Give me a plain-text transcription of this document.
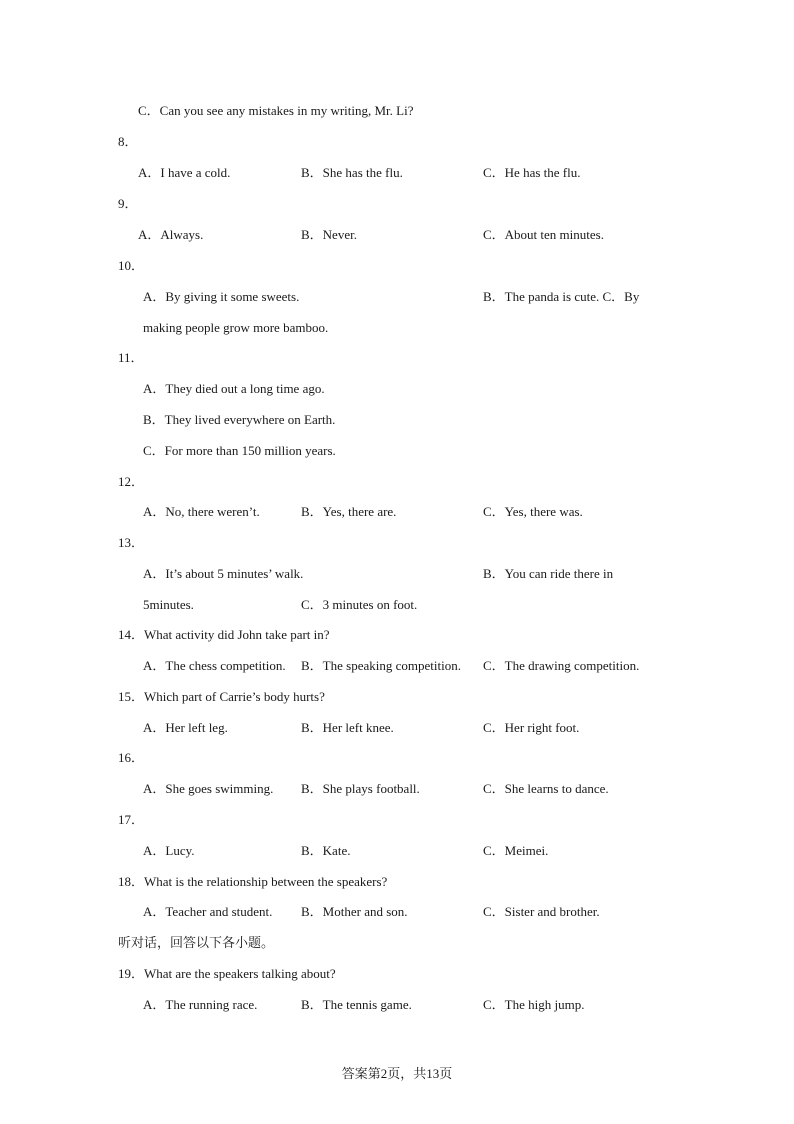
C．Can you see any mistakes in my writing, Mr. Li?
8．
A．I have a cold.	B．She has the flu.	C．He has the flu.
9．
A．Always.	B．Never.	C．About ten minutes.
10．
A．By giving it some sweets.	B．The panda is cute. C．By
making people grow more bamboo.
11．
A．They died out a long time ago.
B．They lived everywhere on Earth.
C．For more than 150 million years.
12．
A．No, there weren’t.	B．Yes, there are.	C．Yes, there was.
13．
A．It’s about 5 minutes’ walk.	B．You can ride there in
5minutes.	C．3 minutes on foot.
14．What activity did John take part in?
A．The chess competition. B．The speaking competition. C．The drawing competition.
15．Which part of Carrie’s body hurts?
A．Her left leg.	B．Her left knee.	C．Her right foot.
16．
A．She goes swimming. B．She plays football.	C．She learns to dance.
17．
A．Lucy.	B．Kate.	C．Meimei.
18．What is the relationship between the speakers?
A．Teacher and student. B．Mother and son.	C．Sister and brother.
听对话，回答以下各小题。
19．What are the speakers talking about?
A．The running race.	B．The tennis game.	C．The high jump.
答案第2页，共13页
